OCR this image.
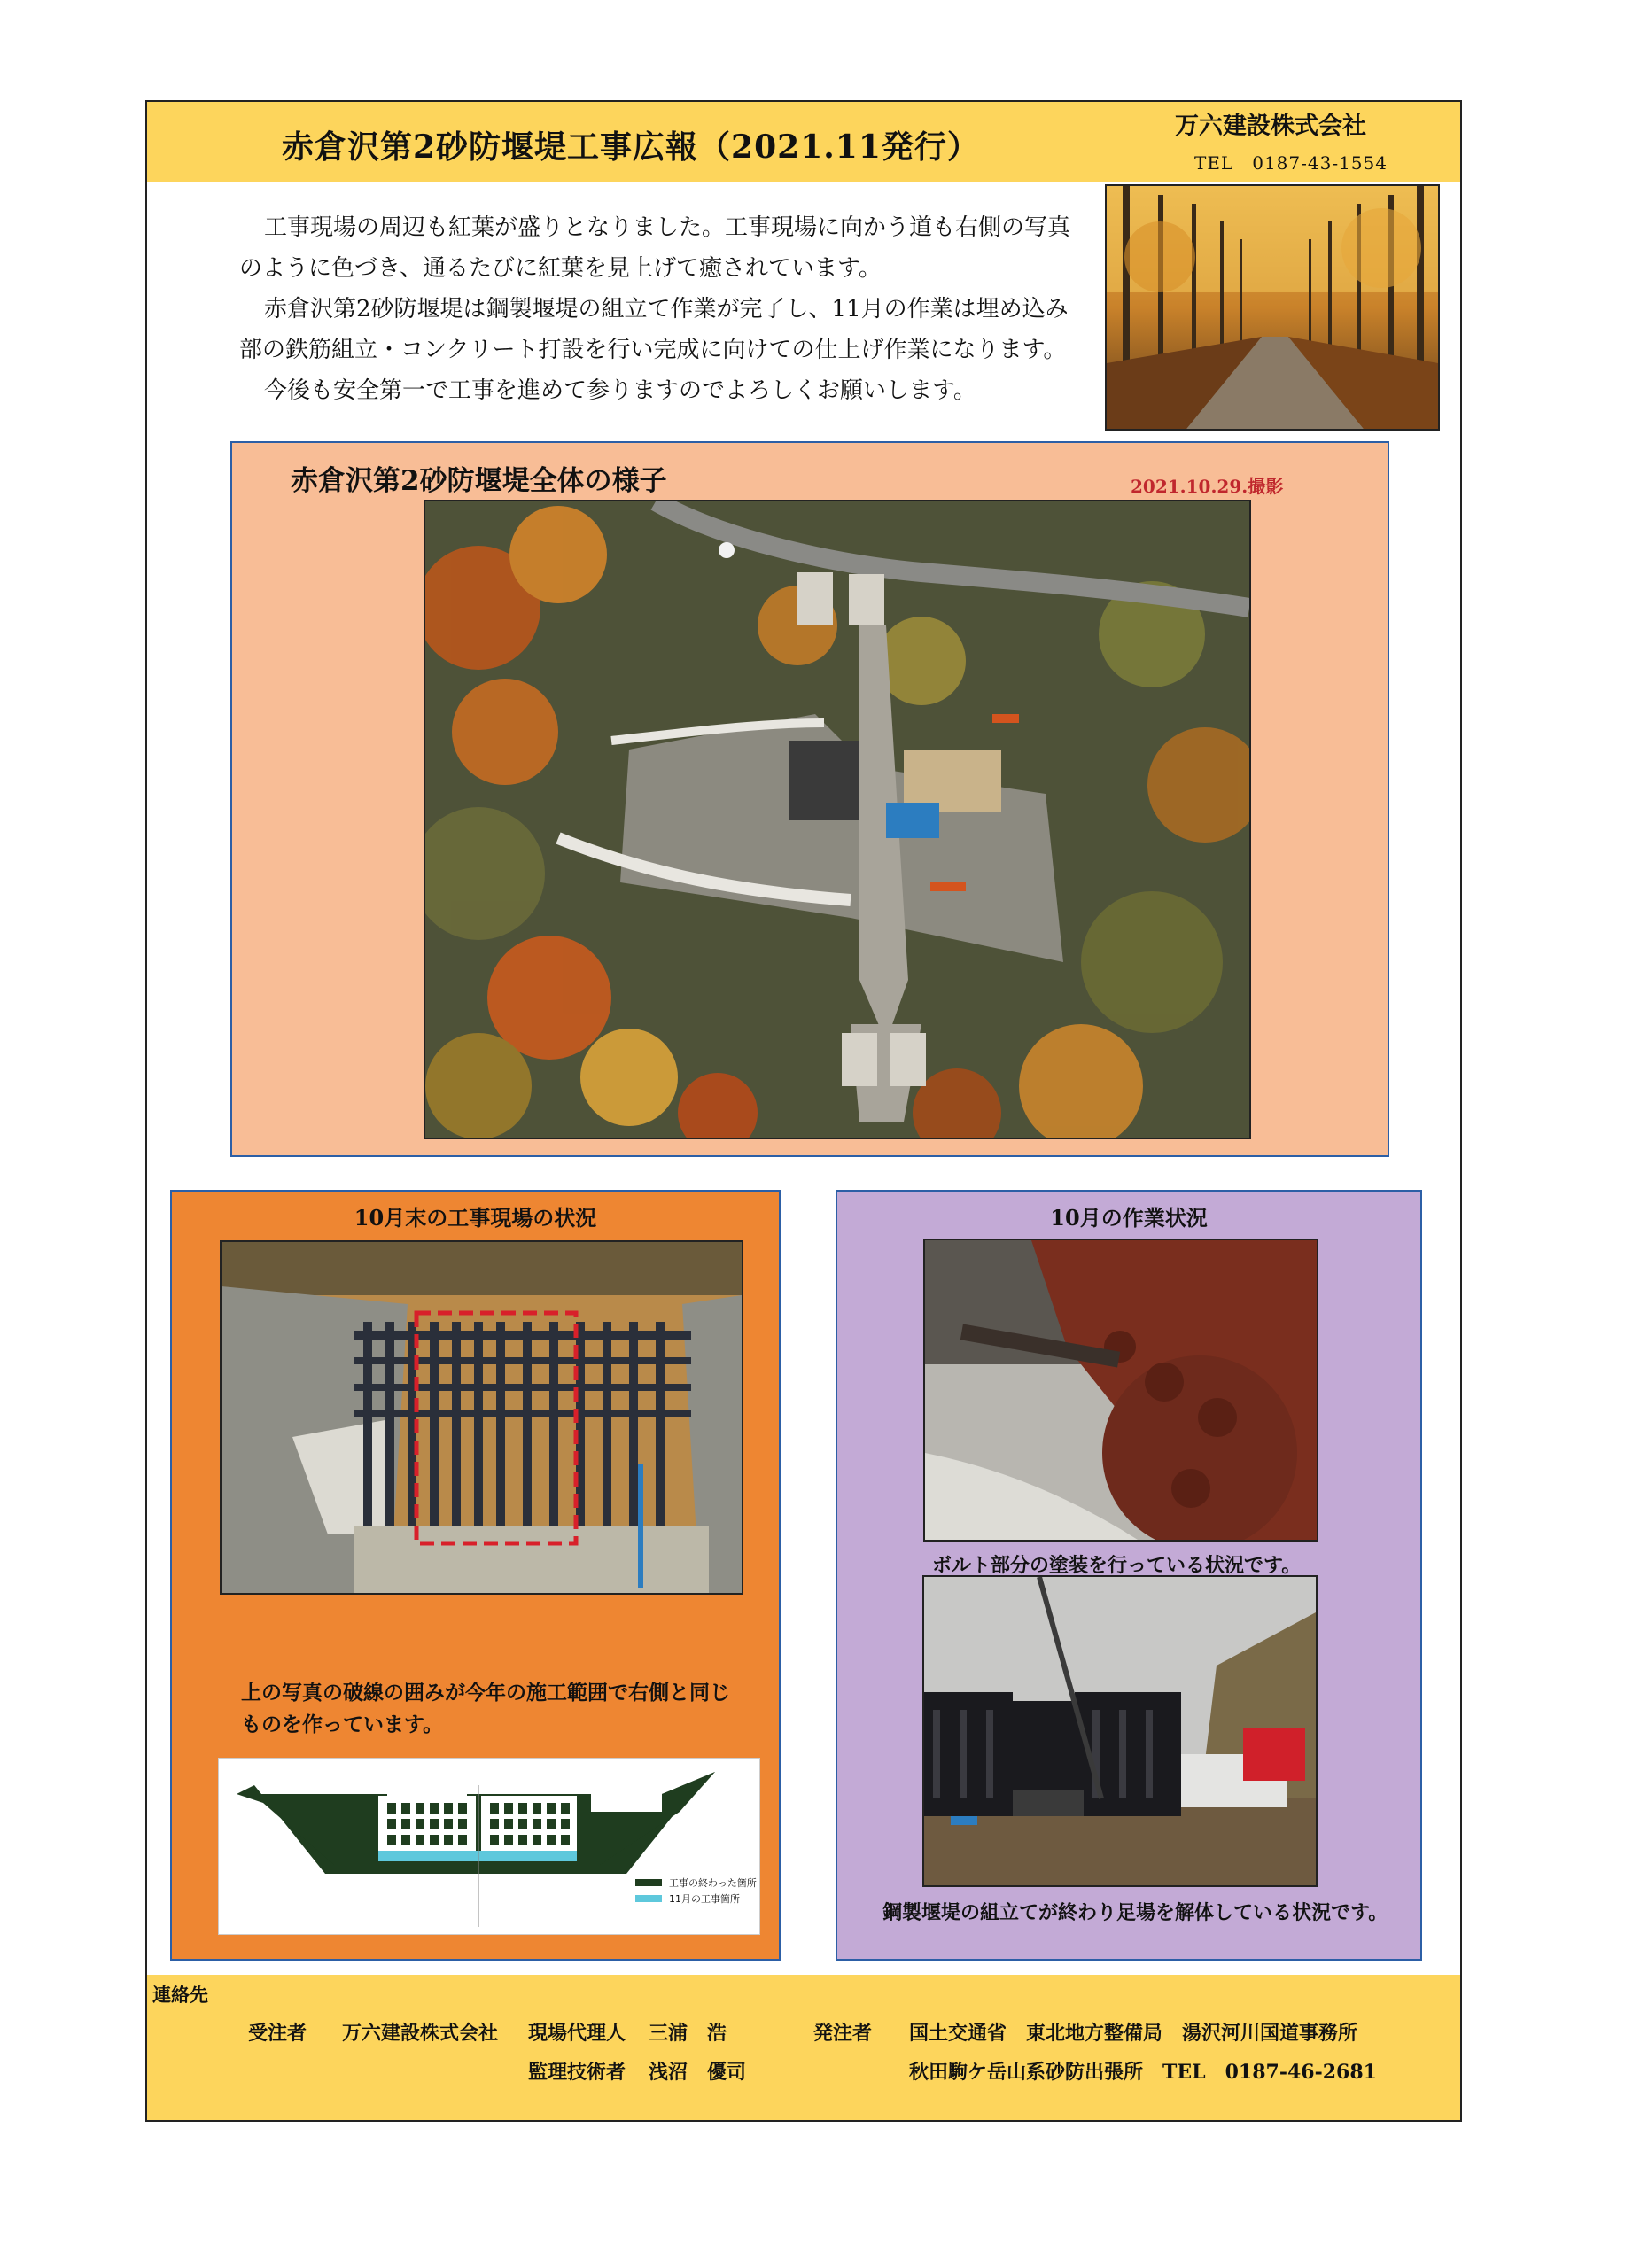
赤倉沢第2砂防堰堤工事広報（2021.11発行）
万六建設株式会社
TEL　0187-43-1554

工事現場の周辺も紅葉が盛りとなりました。工事現場に向かう道も右側の写真のように色づき、通るたびに紅葉を見上げて癒されています。

赤倉沢第2砂防堰堤は鋼製堰堤の組立て作業が完了し、11月の作業は埋め込み部の鉄筋組立・コンクリート打設を行い完成に向けての仕上げ作業になります。

今後も安全第一で工事を進めて参りますのでよろしくお願いします。

赤倉沢第2砂防堰堤全体の様子	2021.10.29.撮影
10月末の工事現場の状況
上の写真の破線の囲みが今年の施工範囲で右側と同じものを作っています。
工事の終わった箇所
11月の工事箇所
10月の作業状況
ボルト部分の塗装を行っている状況です。
鋼製堰堤の組立てが終わり足場を解体している状況です。
連絡先
受注者 万六建設株式会社 現場代理人 三浦　浩
監理技術者 浅沼　優司
発注者 国土交通省　東北地方整備局　湯沢河川国道事務所
秋田駒ケ岳山系砂防出張所　TEL　0187-46-2681
